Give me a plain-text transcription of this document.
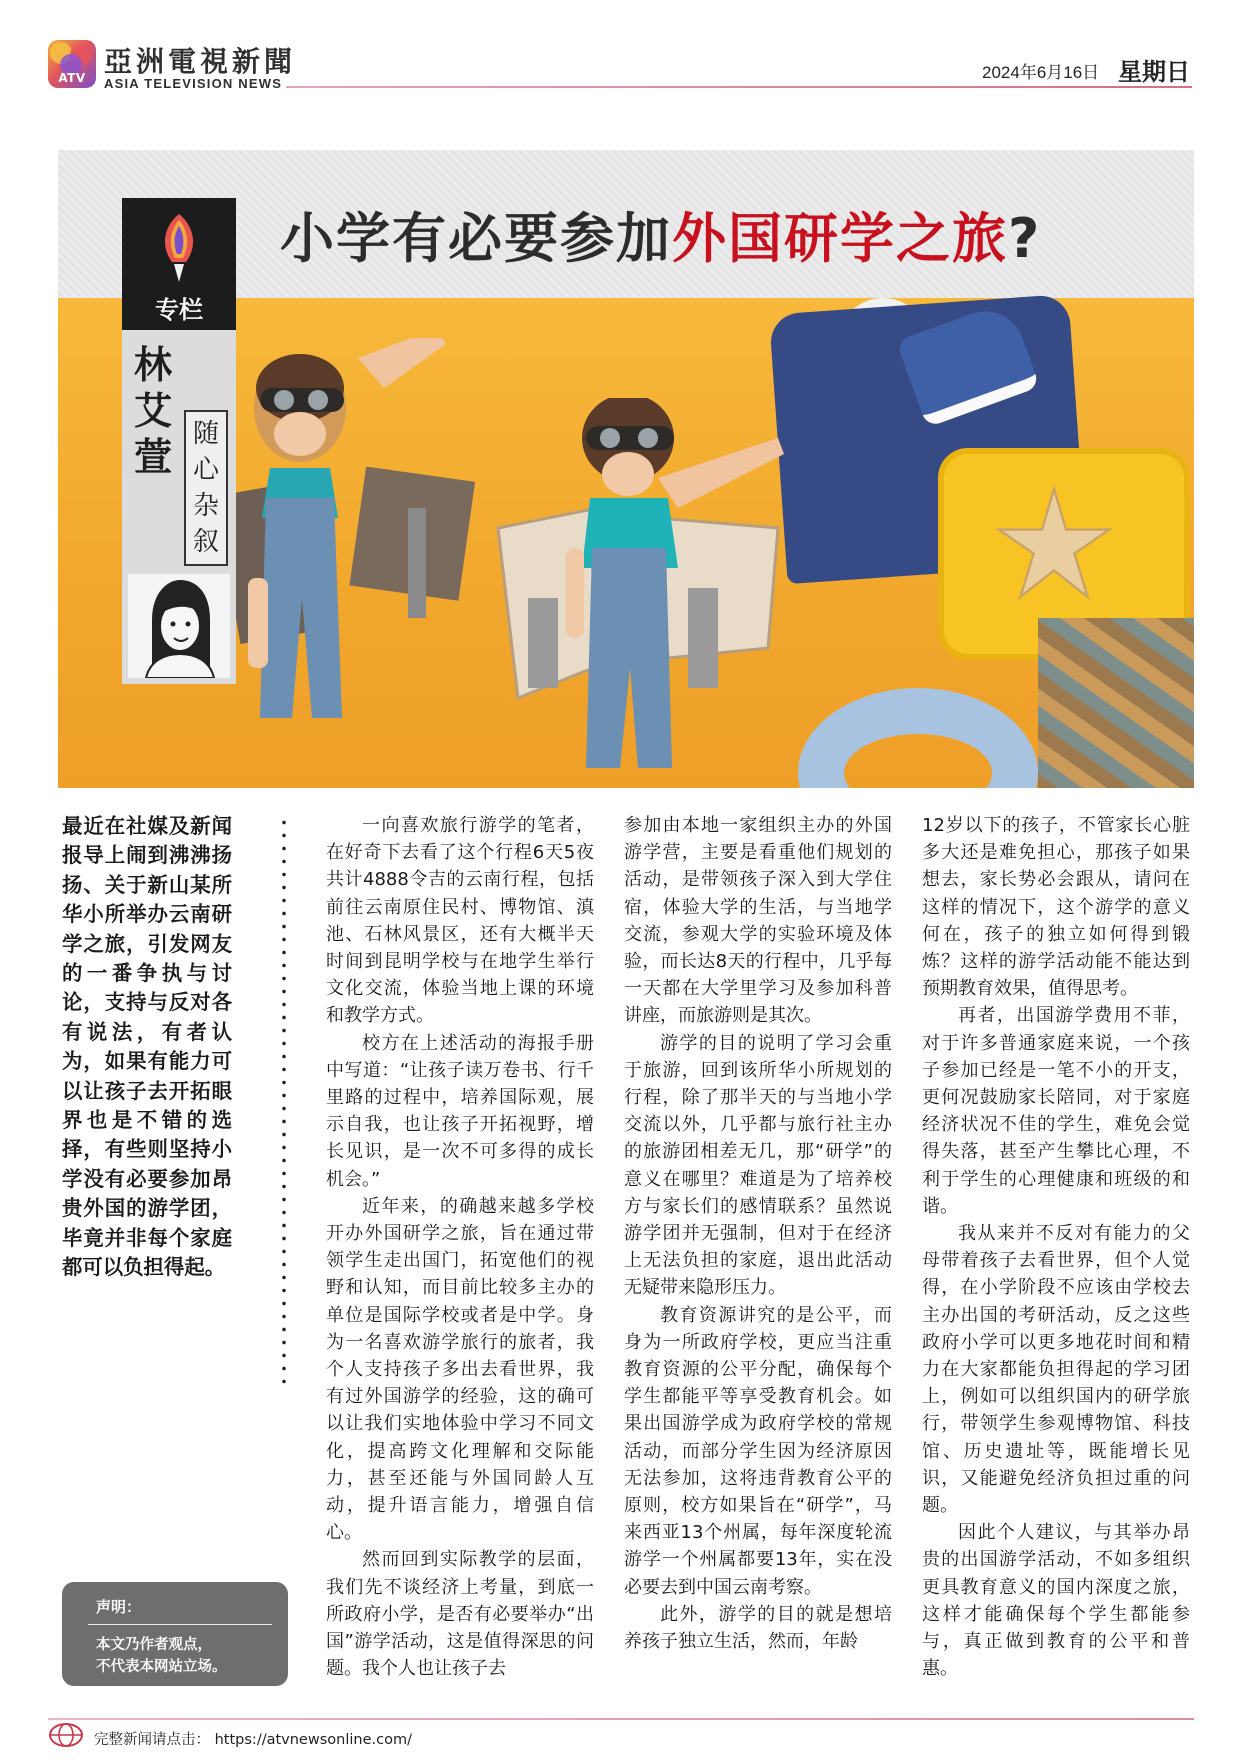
ATV 亞洲電視新聞
ASIA TELEVISION NEWS
2024年6月16日 星期日
小学有必要参加外国研学之旅?
专栏
林艾萱
随心杂叙
最近在社媒及新闻报导上闹到沸沸扬扬、关于新山某所华小所举办云南研学之旅，引发网友的一番争执与讨论，支持与反对各有说法，有者认为，如果有能力可以让孩子去开拓眼界也是不错的选择，有些则坚持小学没有必要参加昂贵外国的游学团，毕竟并非每个家庭都可以负担得起。

一向喜欢旅行游学的笔者，在好奇下去看了这个行程6天5夜共计4888令吉的云南行程，包括前往云南原住民村、博物馆、滇池、石林风景区，还有大概半天时间到昆明学校与在地学生举行文化交流，体验当地上课的环境和教学方式。

校方在上述活动的海报手册中写道：“让孩子读万卷书、行千里路的过程中，培养国际观，展示自我，也让孩子开拓视野，增长见识，是一次不可多得的成长机会。”

近年来，的确越来越多学校开办外国研学之旅，旨在通过带领学生走出国门，拓宽他们的视野和认知，而目前比较多主办的单位是国际学校或者是中学。身为一名喜欢游学旅行的旅者，我个人支持孩子多出去看世界，我有过外国游学的经验，这的确可以让我们实地体验中学习不同文化，提高跨文化理解和交际能力，甚至还能与外国同龄人互动，提升语言能力，增强自信心。

然而回到实际教学的层面，我们先不谈经济上考量，到底一所政府小学，是否有必要举办“出国”游学活动，这是值得深思的问题。我个人也让孩子去

参加由本地一家组织主办的外国游学营，主要是看重他们规划的活动，是带领孩子深入到大学住宿，体验大学的生活，与当地学交流，参观大学的实验环境及体验，而长达8天的行程中，几乎每一天都在大学里学习及参加科普讲座，而旅游则是其次。

游学的目的说明了学习会重于旅游，回到该所华小所规划的行程，除了那半天的与当地小学交流以外，几乎都与旅行社主办的旅游团相差无几，那“研学”的意义在哪里？难道是为了培养校方与家长们的感情联系？虽然说游学团并无强制，但对于在经济上无法负担的家庭，退出此活动无疑带来隐形压力。

教育资源讲究的是公平，而身为一所政府学校，更应当注重教育资源的公平分配，确保每个学生都能平等享受教育机会。如果出国游学成为政府学校的常规活动，而部分学生因为经济原因无法参加，这将违背教育公平的原则，校方如果旨在“研学”，马来西亚13个州属，每年深度轮流游学一个州属都要13年，实在没必要去到中国云南考察。

此外，游学的目的就是想培养孩子独立生活，然而，年龄

12岁以下的孩子，不管家长心脏多大还是难免担心，那孩子如果想去，家长势必会跟从，请问在这样的情况下，这个游学的意义何在，孩子的独立如何得到锻炼？这样的游学活动能不能达到预期教育效果，值得思考。

再者，出国游学费用不菲，对于许多普通家庭来说，一个孩子参加已经是一笔不小的开支，更何况鼓励家长陪同，对于家庭经济状况不佳的学生，难免会觉得失落，甚至产生攀比心理，不利于学生的心理健康和班级的和谐。

我从来并不反对有能力的父母带着孩子去看世界，但个人觉得，在小学阶段不应该由学校去主办出国的考研活动，反之这些政府小学可以更多地花时间和精力在大家都能负担得起的学习团上，例如可以组织国内的研学旅行，带领学生参观博物馆、科技馆、历史遗址等，既能增长见识，又能避免经济负担过重的问题。

因此个人建议，与其举办昂贵的出国游学活动，不如多组织更具教育意义的国内深度之旅，这样才能确保每个学生都能参与，真正做到教育的公平和普惠。

声明：
本文乃作者观点，
不代表本网站立场。
完整新闻请点击： https://atvnewsonline.com/
